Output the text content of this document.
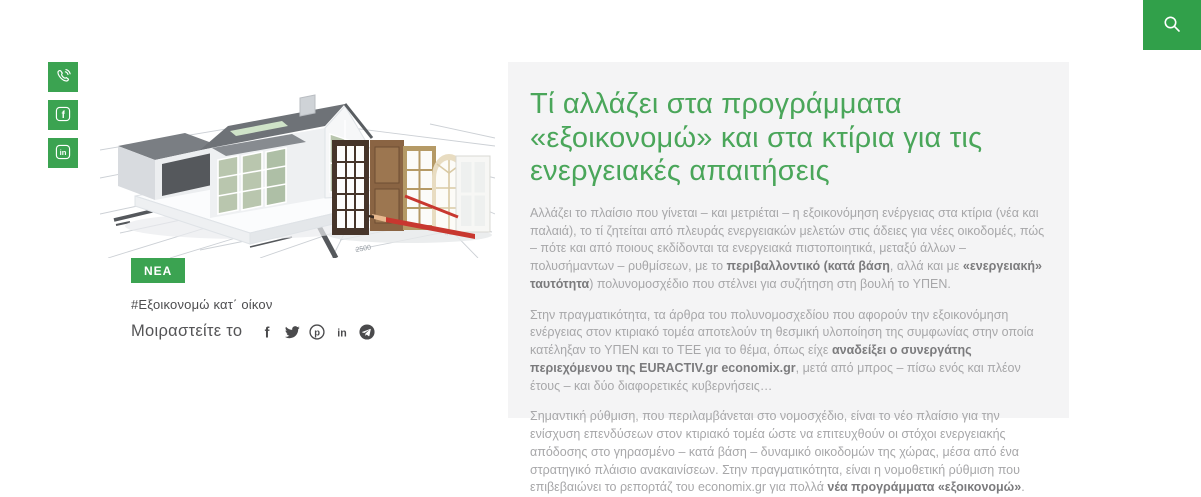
f
in
2500
ΝΕΑ
#Εξοικονομώ κατ΄ οίκον
Μοιραστείτε το f	p in
Τί αλλάζει στα προγράμματα «εξοικονομώ» και στα κτίρια για τις ενεργειακές απαιτήσεις

Αλλάζει το πλαίσιο που γίνεται – και μετριέται – η εξοικονόμηση ενέργειας στα κτίρια (νέα και παλαιά), το τί ζητείται από πλευράς ενεργειακών μελετών στις άδειες για νέες οικοδομές, πώς – πότε και από ποιους εκδίδονται τα ενεργειακά πιστοποιητικά, μεταξύ άλλων – πολυσήμαντων – ρυθμίσεων, με το περιβαλλοντικό (κατά βάση, αλλά και με «ενεργειακή» ταυτότητα) πολυνομοσχέδιο που στέλνει για συζήτηση στη βουλή το ΥΠΕΝ.

Στην πραγματικότητα, τα άρθρα του πολυνομοσχεδίου που αφορούν την εξοικονόμηση ενέργειας στον κτιριακό τομέα αποτελούν τη θεσμική υλοποίηση της συμφωνίας στην οποία κατέληξαν το ΥΠΕΝ και το ΤΕΕ για το θέμα, όπως είχε αναδείξει ο συνεργάτης περιεχόμενου της EURACTIV.gr economix.gr, μετά από μπρος – πίσω ενός και πλέον έτους – και δύο διαφορετικές κυβερνήσεις…

Σημαντική ρύθμιση, που περιλαμβάνεται στο νομοσχέδιο, είναι το νέο πλαίσιο για την ενίσχυση επενδύσεων στον κτιριακό τομέα ώστε να επιτευχθούν οι στόχοι ενεργειακής απόδοσης στο γηρασμένο – κατά βάση – δυναμικό οικοδομών της χώρας, μέσα από ένα στρατηγικό πλάισιο ανακαινίσεων. Στην πραγματικότητα, είναι η νομοθετική ρύθμιση που επιβεβαιώνει το ρεπορτάζ του economix.gr για πολλά νέα προγράμματα «εξοικονομώ».
